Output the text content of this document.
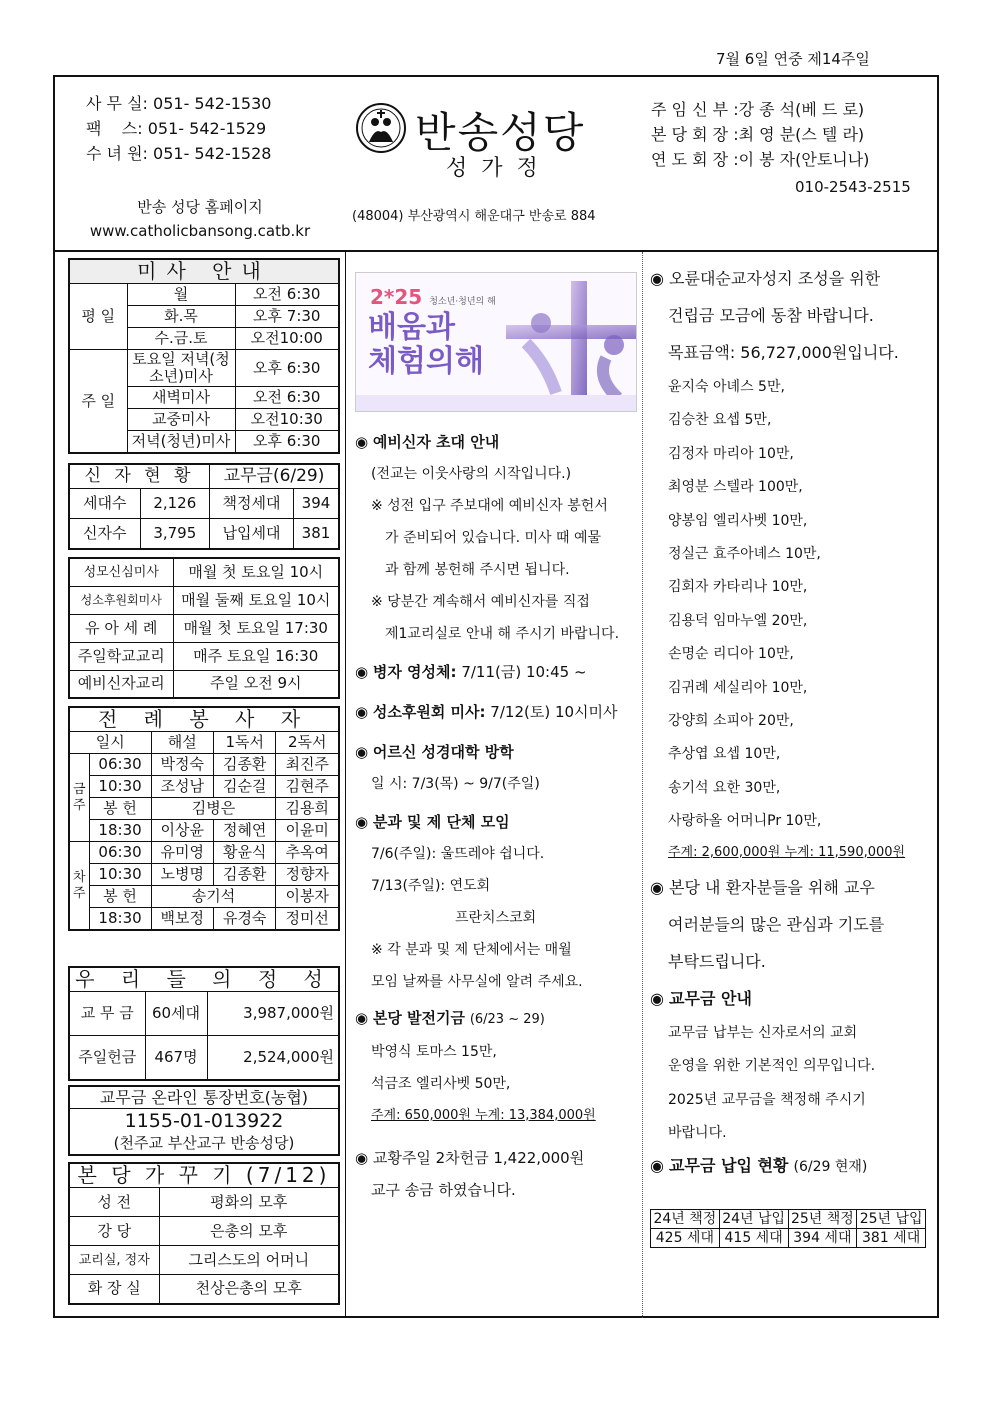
7월 6일 연중 제14주일
사 무 실: 051- 542-1530
팩    스: 051- 542-1529
수 녀 원: 051- 542-1528
반송 성당 홈페이지
www.catholicbansong.catb.kr
반송성당
성가정
(48004) 부산광역시 해운대구 반송로 884
주 임 신 부 :강 종 석(베 드 로)
본 당 회 장 :최 영 분(스 텔 라)
연 도 회 장 :이 봉 자(안토니나)
010-2543-2515
미사 안내		
평 일	월	오전 6:30
	화.목	오후 7:30
	수.금.토	오전10:00
주 일	토요일 저녁(청소년)미사	오후 6:30
	새벽미사	오전 6:30
	교중미사	오전10:30
	저녁(청년)미사	오후 6:30
신 자 현 황		교무금(6/29)	
세대수	2,126	책정세대	394
신자수	3,795	납입세대	381
성모신심미사	매월 첫 토요일 10시
성소후원회미사	매월 둘째 토요일 10시
유 아 세 례	매월 첫 토요일 17:30
주일학교교리	매주 토요일 16:30
예비신자교리	주일 오전 9시
전 례 봉 사 자				
일시		해설	1독서	2독서
금주	06:30	박정숙	김종환	최진주
	10:30	조성남	김순걸	김현주
	봉 헌	김병은		김용희
	18:30	이상윤	정혜연	이윤미
차주	06:30	유미영	황윤식	추옥여
	10:30	노병명	김종환	정향자
	봉 헌	송기석		이봉자
	18:30	백보정	유경숙	정미선
우 리 들 의 정 성		
교 무 금	60세대	3,987,000원
주일헌금	467명	2,524,000원
교무금 온라인 통장번호(농협)
1155-01-013922
(천주교 부산교구 반송성당)
본 당 가 꾸 기 (7/12)	
성 전	평화의 모후
강 당	은총의 모후
교리실, 정자	그리스도의 어머니
화 장 실	천상은총의 모후
2*25 청소년·청년의 해
배움과
체험의해
◉ 예비신자 초대 안내
(전교는 이웃사랑의 시작입니다.)
※ 성전 입구 주보대에 예비신자 봉헌서
가 준비되어 있습니다. 미사 때 예물
과 함께 봉헌해 주시면 됩니다.
※ 당분간 계속해서 예비신자를 직접
제1교리실로 안내 해 주시기 바랍니다.
◉ 병자 영성체: 7/11(금) 10:45 ~
◉ 성소후원회 미사: 7/12(토) 10시미사
◉ 어르신 성경대학 방학
일 시: 7/3(목) ~ 9/7(주일)
◉ 분과 및 제 단체 모임
7/6(주일): 울뜨레야 쉽니다.
7/13(주일): 연도회
프란치스코회
※ 각 분과 및 제 단체에서는 매월
모임 날짜를 사무실에 알려 주세요.
◉ 본당 발전기금 (6/23 ~ 29)
박영식 토마스 15만,
석금조 엘리사벳 50만,
주계: 650,000원 누계: 13,384,000원
◉ 교황주일 2차헌금 1,422,000원
교구 송금 하였습니다.
◉ 오륜대순교자성지 조성을 위한
건립금 모금에 동참 바랍니다.
목표금액: 56,727,000원입니다.
윤지숙 아녜스 5만,
김승찬 요셉 5만,
김정자 마리아 10만,
최영분 스텔라 100만,
양봉임 엘리사벳 10만,
정실근 효주아녜스 10만,
김회자 카타리나 10만,
김용덕 임마누엘 20만,
손명순 리디아 10만,
김귀례 세실리아 10만,
강양희 소피아 20만,
추상엽 요셉 10만,
송기석 요한 30만,
사랑하올 어머니Pr 10만,
주계: 2,600,000원 누계: 11,590,000원
◉ 본당 내 환자분들을 위해 교우
여러분들의 많은 관심과 기도를
부탁드립니다.
◉ 교무금 안내
교무금 납부는 신자로서의 교회
운영을 위한 기본적인 의무입니다.
2025년 교무금을 책정해 주시기
바랍니다.
◉ 교무금 납입 현황 (6/29 현재)
24년 책정	24년 납입	25년 책정	25년 납입
425 세대	415 세대	394 세대	381 세대
